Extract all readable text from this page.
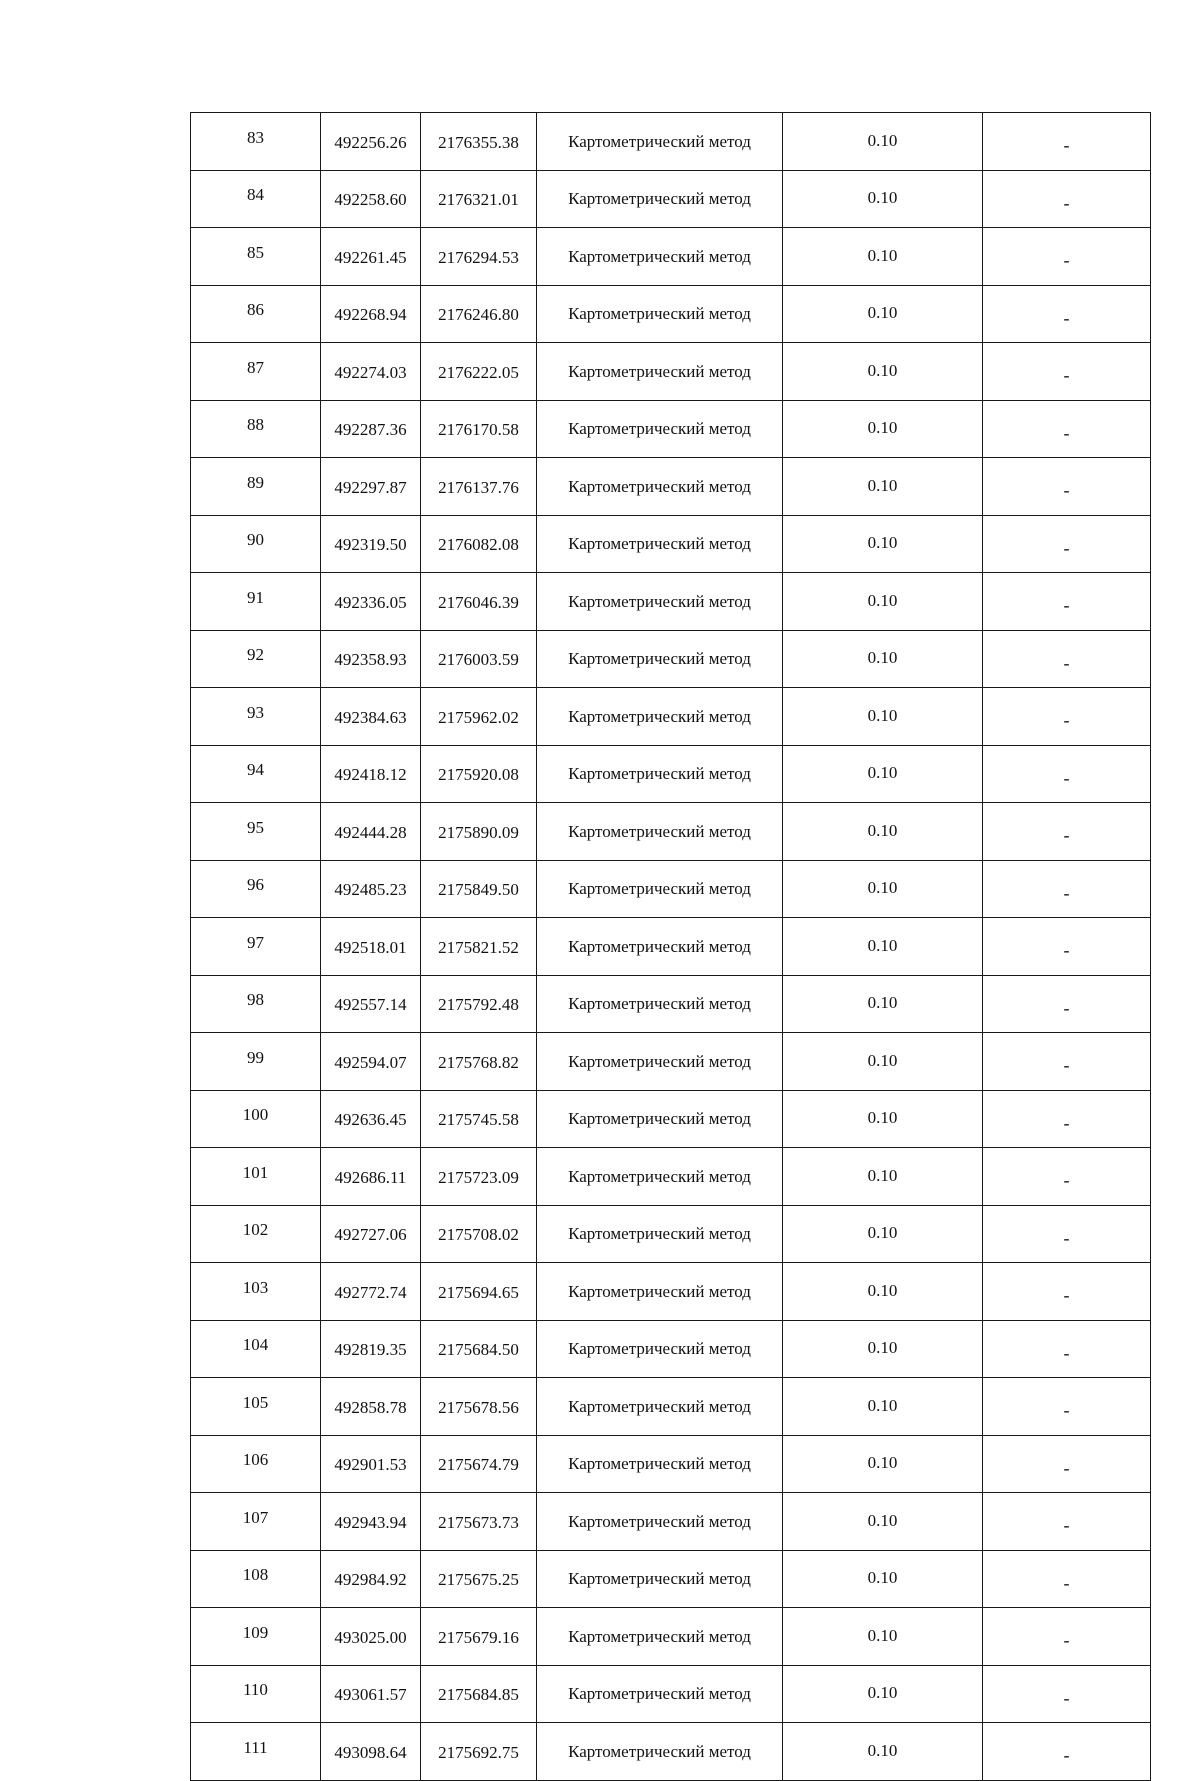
83	492256.26	2176355.38	Картометрический метод	0.10	-
84	492258.60	2176321.01	Картометрический метод	0.10	-
85	492261.45	2176294.53	Картометрический метод	0.10	-
86	492268.94	2176246.80	Картометрический метод	0.10	-
87	492274.03	2176222.05	Картометрический метод	0.10	-
88	492287.36	2176170.58	Картометрический метод	0.10	-
89	492297.87	2176137.76	Картометрический метод	0.10	-
90	492319.50	2176082.08	Картометрический метод	0.10	-
91	492336.05	2176046.39	Картометрический метод	0.10	-
92	492358.93	2176003.59	Картометрический метод	0.10	-
93	492384.63	2175962.02	Картометрический метод	0.10	-
94	492418.12	2175920.08	Картометрический метод	0.10	-
95	492444.28	2175890.09	Картометрический метод	0.10	-
96	492485.23	2175849.50	Картометрический метод	0.10	-
97	492518.01	2175821.52	Картометрический метод	0.10	-
98	492557.14	2175792.48	Картометрический метод	0.10	-
99	492594.07	2175768.82	Картометрический метод	0.10	-
100	492636.45	2175745.58	Картометрический метод	0.10	-
101	492686.11	2175723.09	Картометрический метод	0.10	-
102	492727.06	2175708.02	Картометрический метод	0.10	-
103	492772.74	2175694.65	Картометрический метод	0.10	-
104	492819.35	2175684.50	Картометрический метод	0.10	-
105	492858.78	2175678.56	Картометрический метод	0.10	-
106	492901.53	2175674.79	Картометрический метод	0.10	-
107	492943.94	2175673.73	Картометрический метод	0.10	-
108	492984.92	2175675.25	Картометрический метод	0.10	-
109	493025.00	2175679.16	Картометрический метод	0.10	-
110	493061.57	2175684.85	Картометрический метод	0.10	-
111	493098.64	2175692.75	Картометрический метод	0.10	-
